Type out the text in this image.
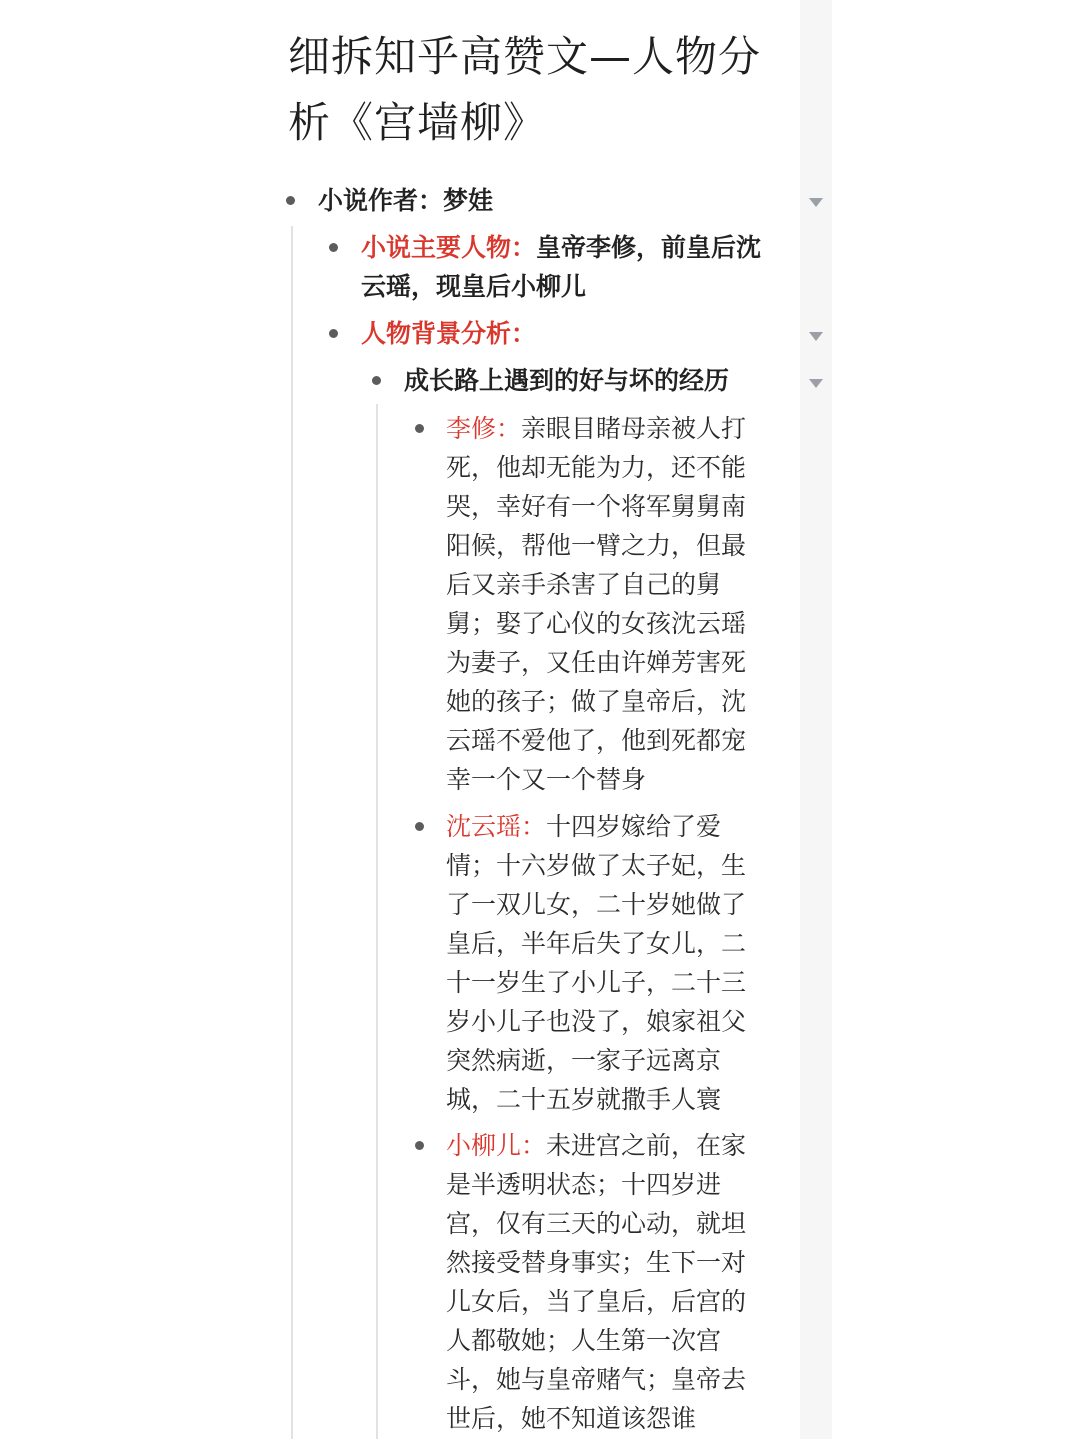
细拆知乎高赞文—人物分
析《宫墙柳》
小说作者：梦娃
小说主要人物：皇帝李修，前皇后沈
云瑶，现皇后小柳儿
人物背景分析：
成长路上遇到的好与坏的经历
李修：亲眼目睹母亲被人打
死，他却无能为力，还不能
哭，幸好有一个将军舅舅南
阳候，帮他一臂之力，但最
后又亲手杀害了自己的舅
舅；娶了心仪的女孩沈云瑶
为妻子，又任由许婵芳害死
她的孩子；做了皇帝后，沈
云瑶不爱他了，他到死都宠
幸一个又一个替身
沈云瑶：十四岁嫁给了爱
情；十六岁做了太子妃，生
了一双儿女，二十岁她做了
皇后，半年后失了女儿，二
十一岁生了小儿子，二十三
岁小儿子也没了，娘家祖父
突然病逝，一家子远离京
城，二十五岁就撒手人寰
小柳儿：未进宫之前，在家
是半透明状态；十四岁进
宫，仅有三天的心动，就坦
然接受替身事实；生下一对
儿女后，当了皇后，后宫的
人都敬她；人生第一次宫
斗，她与皇帝赌气；皇帝去
世后，她不知道该怨谁
